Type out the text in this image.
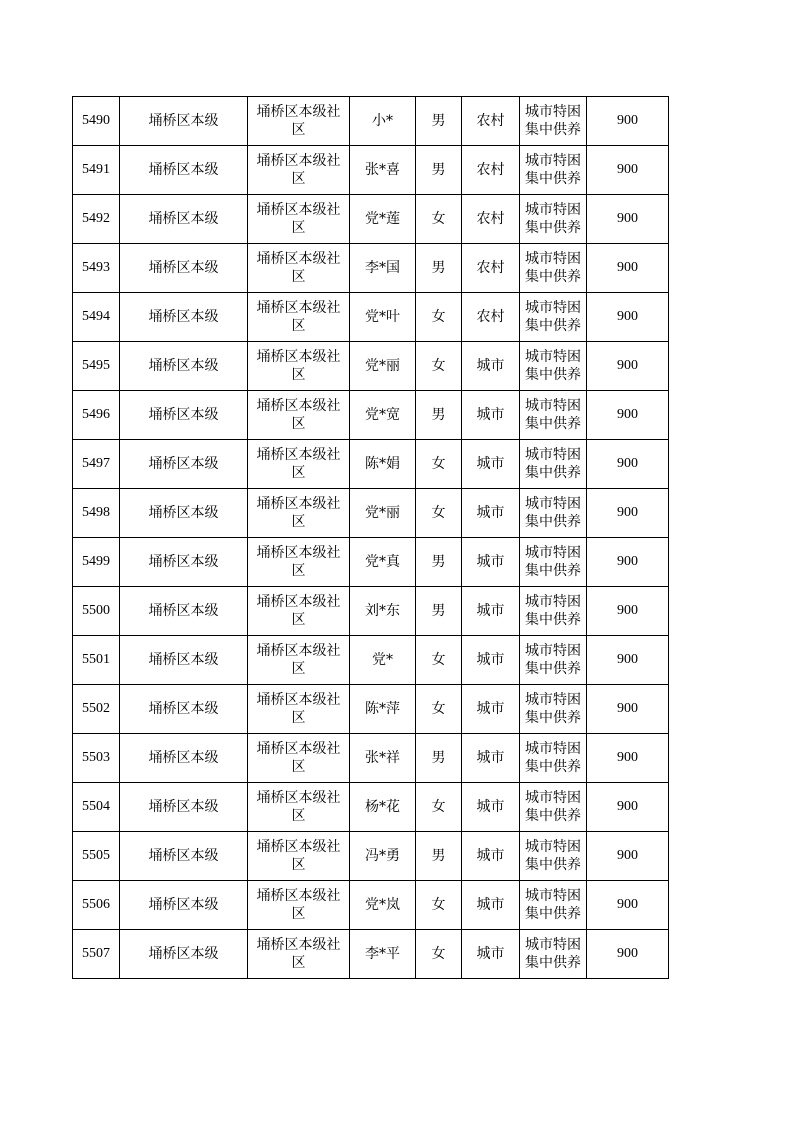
5490	埇桥区本级	埇桥区本级社区	小*	男	农村	城市特困集中供养	900
5491	埇桥区本级	埇桥区本级社区	张*喜	男	农村	城市特困集中供养	900
5492	埇桥区本级	埇桥区本级社区	党*莲	女	农村	城市特困集中供养	900
5493	埇桥区本级	埇桥区本级社区	李*国	男	农村	城市特困集中供养	900
5494	埇桥区本级	埇桥区本级社区	党*叶	女	农村	城市特困集中供养	900
5495	埇桥区本级	埇桥区本级社区	党*丽	女	城市	城市特困集中供养	900
5496	埇桥区本级	埇桥区本级社区	党*宽	男	城市	城市特困集中供养	900
5497	埇桥区本级	埇桥区本级社区	陈*娟	女	城市	城市特困集中供养	900
5498	埇桥区本级	埇桥区本级社区	党*丽	女	城市	城市特困集中供养	900
5499	埇桥区本级	埇桥区本级社区	党*真	男	城市	城市特困集中供养	900
5500	埇桥区本级	埇桥区本级社区	刘*东	男	城市	城市特困集中供养	900
5501	埇桥区本级	埇桥区本级社区	党*	女	城市	城市特困集中供养	900
5502	埇桥区本级	埇桥区本级社区	陈*萍	女	城市	城市特困集中供养	900
5503	埇桥区本级	埇桥区本级社区	张*祥	男	城市	城市特困集中供养	900
5504	埇桥区本级	埇桥区本级社区	杨*花	女	城市	城市特困集中供养	900
5505	埇桥区本级	埇桥区本级社区	冯*勇	男	城市	城市特困集中供养	900
5506	埇桥区本级	埇桥区本级社区	党*岚	女	城市	城市特困集中供养	900
5507	埇桥区本级	埇桥区本级社区	李*平	女	城市	城市特困集中供养	900
